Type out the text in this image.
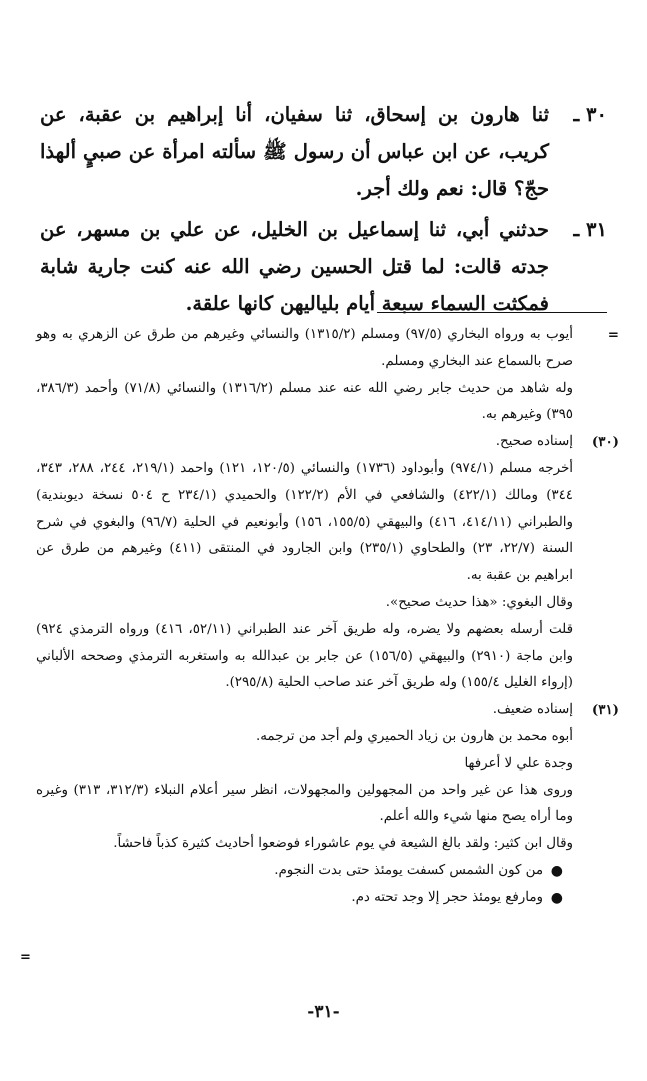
٣٠ ـ
ثنا هارون بن إسحاق، ثنا سفيان، أنا إبراهيم بن عقبة، عن كريب، عن ابن عباس أن رسول ﷺ سألته امرأة عن صبيٍ ألهذا حجّ؟ قال: نعم ولك أجر.
٣١ ـ
حدثني أبي، ثنا إسماعيل بن الخليل، عن علي بن مسهر، عن جدته قالت: لما قتل الحسين رضي الله عنه كنت جارية شابة فمكثت السماء سبعة أيام بلياليهن كانها علقة.
=

أيوب به ورواه البخاري (٩٧/٥) ومسلم (١٣١٥/٢) والنسائي وغيرهم من طرق عن الزهري به وهو صرح بالسماع عند البخاري ومسلم.

وله شاهد من حديث جابر رضي الله عنه عند مسلم (١٣١٦/٢) والنسائي (٧١/٨) وأحمد (٣٨٦/٣، ٣٩٥) وغيرهم به.

(٣٠)

إسناده صحيح.

أخرجه مسلم (٩٧٤/١) وأبوداود (١٧٣٦) والنسائي (١٢٠/٥، ١٢١) واحمد (٢١٩/١، ٢٤٤، ٢٨٨، ٣٤٣، ٣٤٤) ومالك (٤٢٢/١) والشافعي في الأم (١٢٢/٢) والحميدي (٢٣٤/١ ح ٥٠٤ نسخة ديوبندية) والطبراني (٤١٤/١١، ٤١٦) والبيهقي (١٥٥/٥، ١٥٦) وأبونعيم في الحلية (٩٦/٧) والبغوي في شرح السنة (٢٢/٧، ٢٣) والطحاوي (٢٣٥/١) وابن الجارود في المنتقى (٤١١) وغيرهم من طرق عن ابراهيم بن عقبة به.

وقال البغوي: «هذا حديث صحيح».

قلت أرسله بعضهم ولا يضره، وله طريق آخر عند الطبراني (٥٢/١١، ٤١٦) ورواه الترمذي ٩٢٤) وابن ماجة (٢٩١٠) والبيهقي (١٥٦/٥) عن جابر بن عبدالله به واستغربه الترمذي وصححه الألباني (إرواء الغليل ١٥٥/٤) وله طريق آخر عند صاحب الحلية (٢٩٥/٨).

(٣١)

إسناده ضعيف.

أبوه محمد بن هارون بن زياد الحميري ولم أجد من ترجمه.

وجدة علي لا أعرفها

وروى هذا عن غير واحد من المجهولين والمجهولات، انظر سير أعلام النبلاء (٣١٢/٣، ٣١٣) وغيره وما أراه يصح منها شيء والله أعلم.

وقال ابن كثير: ولقد بالغ الشيعة في يوم عاشوراء فوضعوا أحاديث كثيرة كذباً فاحشاً.

●
من كون الشمس كسفت يومئذ حتى بدت النجوم.
●
ومارفع يومئذ حجر إلا وجد تحته دم.
=
-٣١-
